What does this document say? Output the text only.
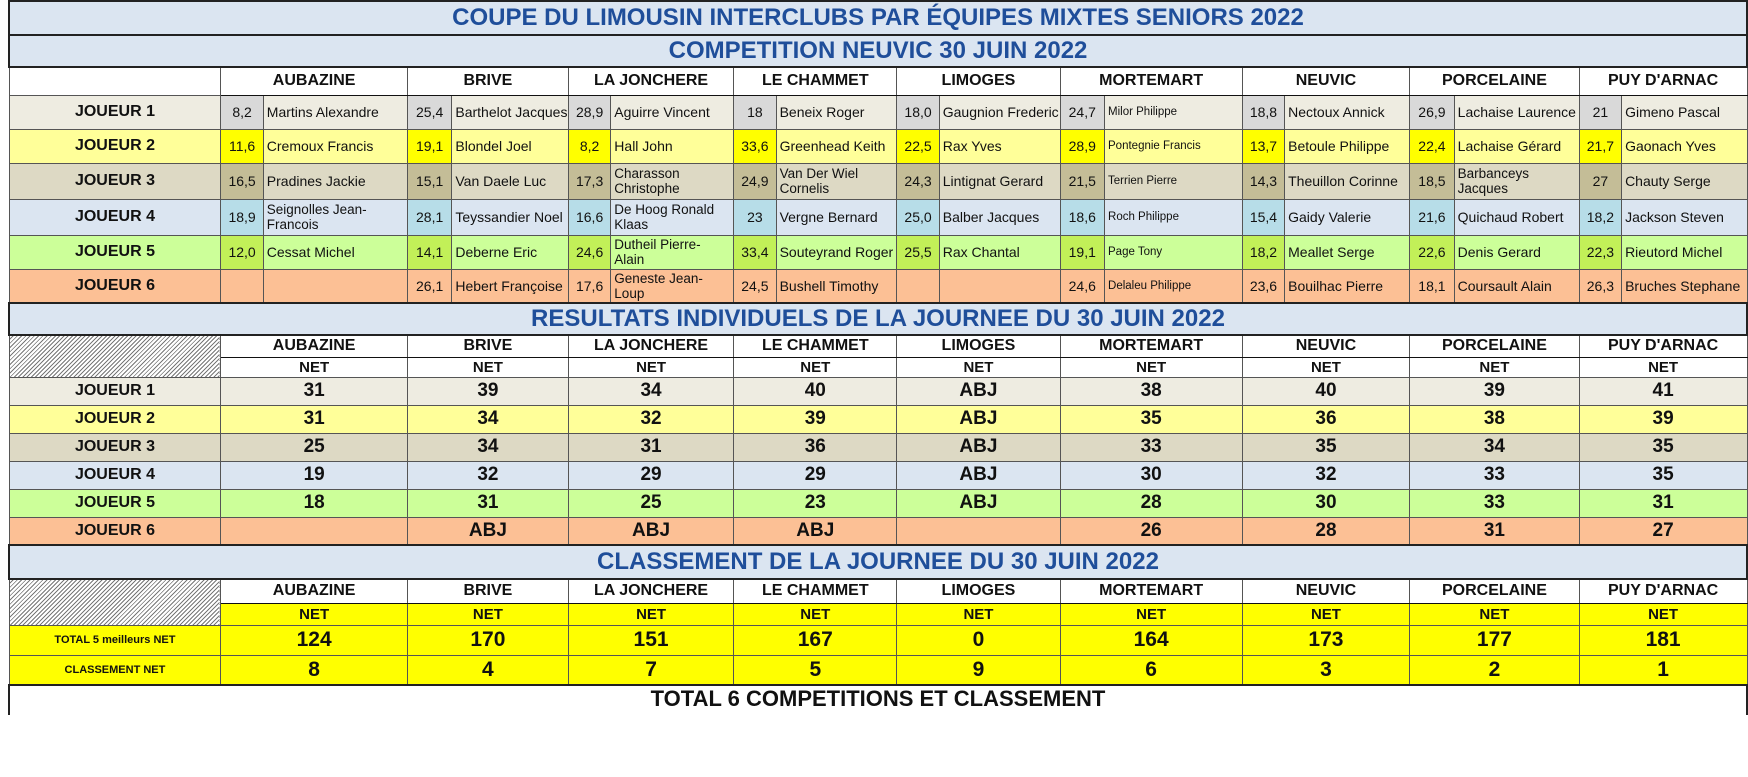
COUPE DU LIMOUSIN INTERCLUBS PAR ÉQUIPES MIXTES SENIORS 2022																		
COMPETITION NEUVIC 30 JUIN 2022																		
	AUBAZINE		BRIVE		LA JONCHERE		LE CHAMMET		LIMOGES		MORTEMART		NEUVIC		PORCELAINE		PUY D'ARNAC	
JOUEUR 1	8,2	Martins Alexandre	25,4	Barthelot Jacques	28,9	Aguirre Vincent	18	Beneix Roger	18,0	Gaugnion Frederic	24,7	Milor Philippe	18,8	Nectoux Annick	26,9	Lachaise Laurence	21	Gimeno Pascal
JOUEUR 2	11,6	Cremoux Francis	19,1	Blondel Joel	8,2	Hall John	33,6	Greenhead Keith	22,5	Rax Yves	28,9	Pontegnie Francis	13,7	Betoule Philippe	22,4	Lachaise Gérard	21,7	Gaonach Yves
JOUEUR 3	16,5	Pradines Jackie	15,1	Van Daele Luc	17,3	Charasson Christophe	24,9	Van Der Wiel Cornelis	24,3	Lintignat Gerard	21,5	Terrien Pierre	14,3	Theuillon Corinne	18,5	Barbanceys Jacques	27	Chauty Serge
JOUEUR 4	18,9	Seignolles Jean-Francois	28,1	Teyssandier Noel	16,6	De Hoog Ronald Klaas	23	Vergne Bernard	25,0	Balber Jacques	18,6	Roch Philippe	15,4	Gaidy Valerie	21,6	Quichaud Robert	18,2	Jackson Steven
JOUEUR 5	12,0	Cessat Michel	14,1	Deberne Eric	24,6	Dutheil Pierre-Alain	33,4	Souteyrand Roger	25,5	Rax Chantal	19,1	Page Tony	18,2	Meallet Serge	22,6	Denis Gerard	22,3	Rieutord Michel
JOUEUR 6			26,1	Hebert Françoise	17,6	Geneste Jean-Loup	24,5	Bushell Timothy			24,6	Delaleu Philippe	23,6	Bouilhac Pierre	18,1	Coursault Alain	26,3	Bruches Stephane
RESULTATS INDIVIDUELS DE LA JOURNEE DU 30 JUIN 2022																		
	AUBAZINE		BRIVE		LA JONCHERE		LE CHAMMET		LIMOGES		MORTEMART		NEUVIC		PORCELAINE		PUY D'ARNAC	
	NET		NET		NET		NET		NET		NET		NET		NET		NET	
JOUEUR 1	31		39		34		40		ABJ		38		40		39		41	
JOUEUR 2	31		34		32		39		ABJ		35		36		38		39	
JOUEUR 3	25		34		31		36		ABJ		33		35		34		35	
JOUEUR 4	19		32		29		29		ABJ		30		32		33		35	
JOUEUR 5	18		31		25		23		ABJ		28		30		33		31	
JOUEUR 6			ABJ		ABJ		ABJ				26		28		31		27	
CLASSEMENT DE LA JOURNEE DU 30 JUIN 2022																		
	AUBAZINE		BRIVE		LA JONCHERE		LE CHAMMET		LIMOGES		MORTEMART		NEUVIC		PORCELAINE		PUY D'ARNAC	
	NET		NET		NET		NET		NET		NET		NET		NET		NET	
TOTAL 5 meilleurs NET	124		170		151		167		0		164		173		177		181	
CLASSEMENT NET	8		4		7		5		9		6		3		2		1	
TOTAL 6 COMPETITIONS ET CLASSEMENT																		
